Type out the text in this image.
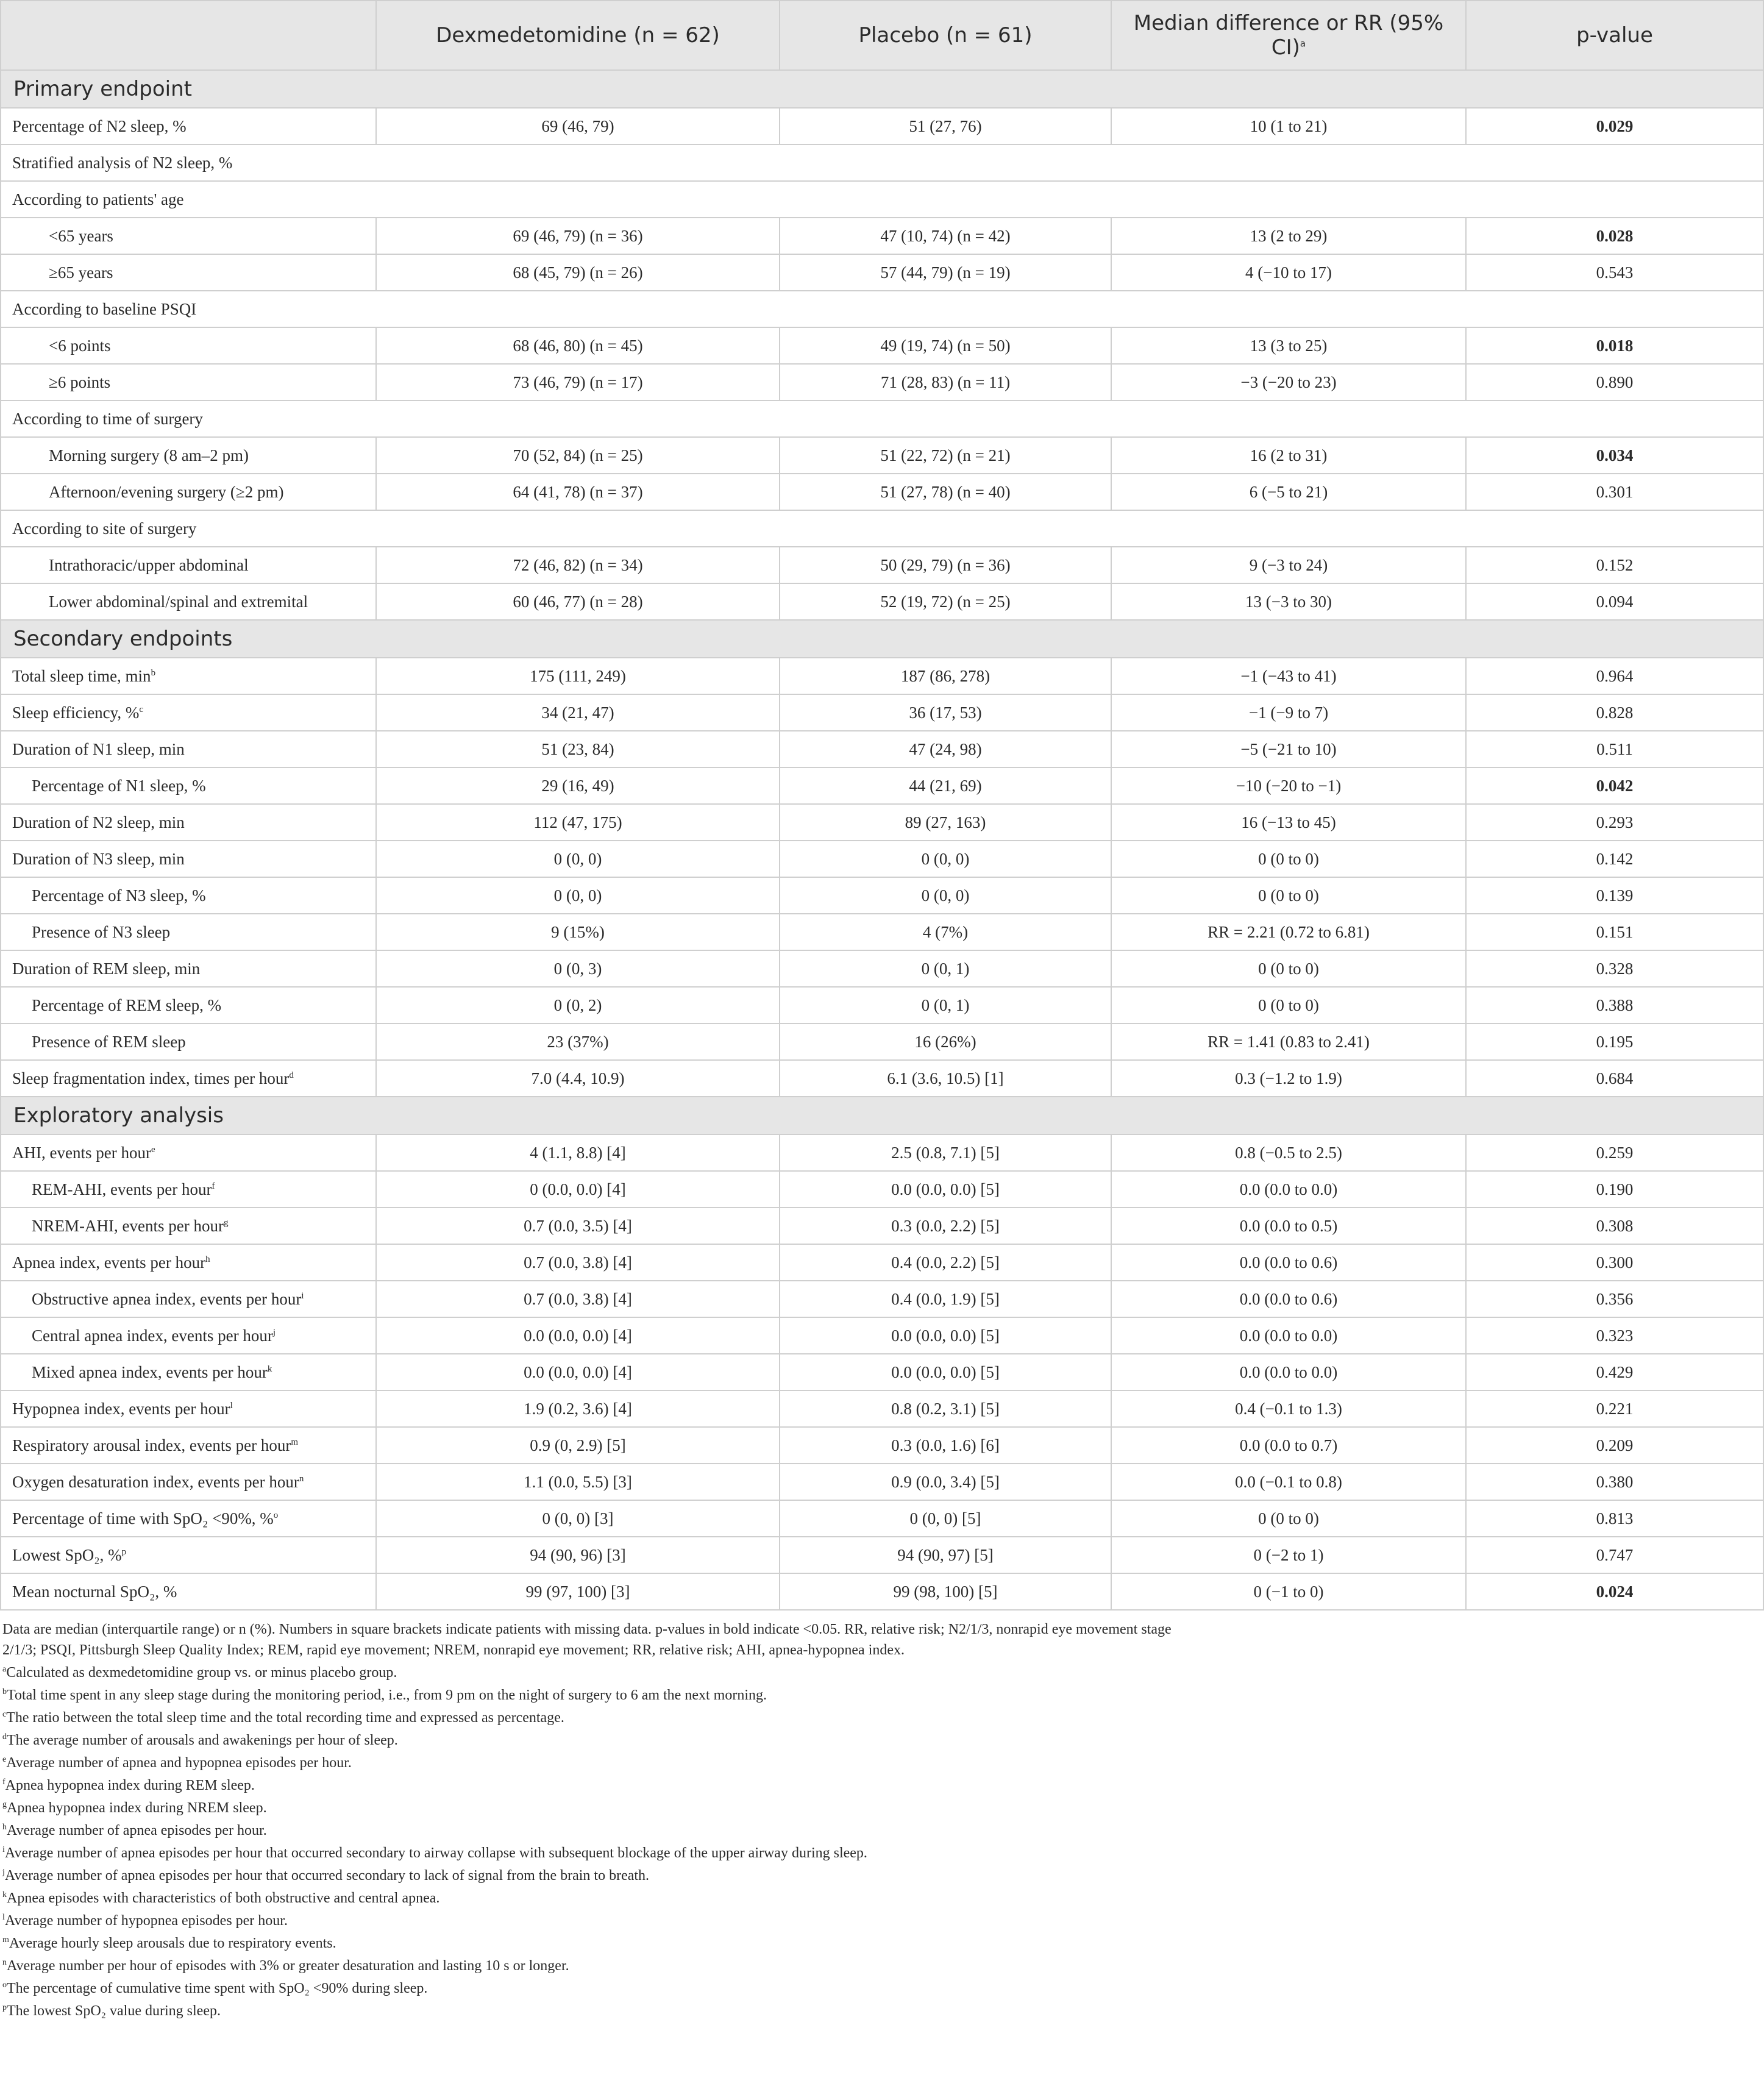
	Dexmedetomidine (n = 62)	Placebo (n = 61)	Median difference or RR (95% CI)$^a$	p-value
Primary endpoint				
Percentage of N2 sleep, %	69 (46, 79)	51 (27, 76)	10 (1 to 21)	0.029
Stratified analysis of N2 sleep, %				
According to patients' age				
<65 years	69 (46, 79) (n = 36)	47 (10, 74) (n = 42)	13 (2 to 29)	0.028
≥65 years	68 (45, 79) (n = 26)	57 (44, 79) (n = 19)	4 (−10 to 17)	0.543
According to baseline PSQI				
<6 points	68 (46, 80) (n = 45)	49 (19, 74) (n = 50)	13 (3 to 25)	0.018
≥6 points	73 (46, 79) (n = 17)	71 (28, 83) (n = 11)	−3 (−20 to 23)	0.890
According to time of surgery				
Morning surgery (8 am–2 pm)	70 (52, 84) (n = 25)	51 (22, 72) (n = 21)	16 (2 to 31)	0.034
Afternoon/evening surgery (≥2 pm)	64 (41, 78) (n = 37)	51 (27, 78) (n = 40)	6 (−5 to 21)	0.301
According to site of surgery				
Intrathoracic/upper abdominal	72 (46, 82) (n = 34)	50 (29, 79) (n = 36)	9 (−3 to 24)	0.152
Lower abdominal/spinal and extremital	60 (46, 77) (n = 28)	52 (19, 72) (n = 25)	13 (−3 to 30)	0.094
Secondary endpoints				
Total sleep time, $\min^b$	175 (111, 249)	187 (86, 278)	−1 (−43 to 41)	0.964
Sleep efficiency, %$^c$	34 (21, 47)	36 (17, 53)	−1 (−9 to 7)	0.828
Duration of N1 sleep, min	51 (23, 84)	47 (24, 98)	−5 (−21 to 10)	0.511
Percentage of N1 sleep, %	29 (16, 49)	44 (21, 69)	−10 (−20 to −1)	0.042
Duration of N2 sleep, min	112 (47, 175)	89 (27, 163)	16 (−13 to 45)	0.293
Duration of N3 sleep, min	0 (0, 0)	0 (0, 0)	0 (0 to 0)	0.142
Percentage of N3 sleep, %	0 (0, 0)	0 (0, 0)	0 (0 to 0)	0.139
Presence of N3 sleep	9 (15%)	4 (7%)	RR = 2.21 (0.72 to 6.81)	0.151
Duration of REM sleep, min	0 (0, 3)	0 (0, 1)	0 (0 to 0)	0.328
Percentage of REM sleep, %	0 (0, 2)	0 (0, 1)	0 (0 to 0)	0.388
Presence of REM sleep	23 (37%)	16 (26%)	RR = 1.41 (0.83 to 2.41)	0.195
Sleep fragmentation index, times per hour$^d$	7.0 (4.4, 10.9)	6.1 (3.6, 10.5) [1]	0.3 (−1.2 to 1.9)	0.684
Exploratory analysis				
AHI, events per hour$^e$	4 (1.1, 8.8) [4]	2.5 (0.8, 7.1) [5]	0.8 (−0.5 to 2.5)	0.259
REM-AHI, events per hour$^f$	0 (0.0, 0.0) [4]	0.0 (0.0, 0.0) [5]	0.0 (0.0 to 0.0)	0.190
NREM-AHI, events per hour$^g$	0.7 (0.0, 3.5) [4]	0.3 (0.0, 2.2) [5]	0.0 (0.0 to 0.5)	0.308
Apnea index, events per hour$^h$	0.7 (0.0, 3.8) [4]	0.4 (0.0, 2.2) [5]	0.0 (0.0 to 0.6)	0.300
Obstructive apnea index, events per hour$^i$	0.7 (0.0, 3.8) [4]	0.4 (0.0, 1.9) [5]	0.0 (0.0 to 0.6)	0.356
Central apnea index, events per hour$^j$	0.0 (0.0, 0.0) [4]	0.0 (0.0, 0.0) [5]	0.0 (0.0 to 0.0)	0.323
Mixed apnea index, events per hour$^k$	0.0 (0.0, 0.0) [4]	0.0 (0.0, 0.0) [5]	0.0 (0.0 to 0.0)	0.429
Hypopnea index, events per hour$^l$	1.9 (0.2, 3.6) [4]	0.8 (0.2, 3.1) [5]	0.4 (−0.1 to 1.3)	0.221
Respiratory arousal index, events per hour$^m$	0.9 (0, 2.9) [5]	0.3 (0.0, 1.6) [6]	0.0 (0.0 to 0.7)	0.209
Oxygen desaturation index, events per hour$^n$	1.1 (0.0, 5.5) [3]	0.9 (0.0, 3.4) [5]	0.0 (−0.1 to 0.8)	0.380
Percentage of time with SpO₂ <90%, %$^o$	0 (0, 0) [3]	0 (0, 0) [5]	0 (0 to 0)	0.813
Lowest SpO₂, %$^p$	94 (90, 96) [3]	94 (90, 97) [5]	0 (−2 to 1)	0.747
Mean nocturnal SpO₂, %	99 (97, 100) [3]	99 (98, 100) [5]	0 (−1 to 0)	0.024

Data are median (interquartile range) or n (%). Numbers in square brackets indicate patients with missing data. p-values in bold indicate <0.05. RR, relative risk; N2/1/3, nonrapid eye movement stage 2/1/3; PSQI, Pittsburgh Sleep Quality Index; REM, rapid eye movement; NREM, nonrapid eye movement; RR, relative risk; AHI, apnea-hypopnea index.

$^a$Calculated as dexmedetomidine group vs. or minus placebo group.

$^b$Total time spent in any sleep stage during the monitoring period, i.e., from 9 pm on the night of surgery to 6 am the next morning.

$^c$The ratio between the total sleep time and the total recording time and expressed as percentage.

$^d$The average number of arousals and awakenings per hour of sleep.

$^e$Average number of apnea and hypopnea episodes per hour.

$^f$Apnea hypopnea index during REM sleep.

$^g$Apnea hypopnea index during NREM sleep.

$^h$Average number of apnea episodes per hour.

$^i$Average number of apnea episodes per hour that occurred secondary to airway collapse with subsequent blockage of the upper airway during sleep.

$^j$Average number of apnea episodes per hour that occurred secondary to lack of signal from the brain to breath.

$^k$Apnea episodes with characteristics of both obstructive and central apnea.

$^l$Average number of hypopnea episodes per hour.

$^m$Average hourly sleep arousals due to respiratory events.

$^n$Average number per hour of episodes with 3% or greater desaturation and lasting 10 s or longer.

$^o$The percentage of cumulative time spent with SpO₂ <90% during sleep.

$^p$The lowest SpO₂ value during sleep.
